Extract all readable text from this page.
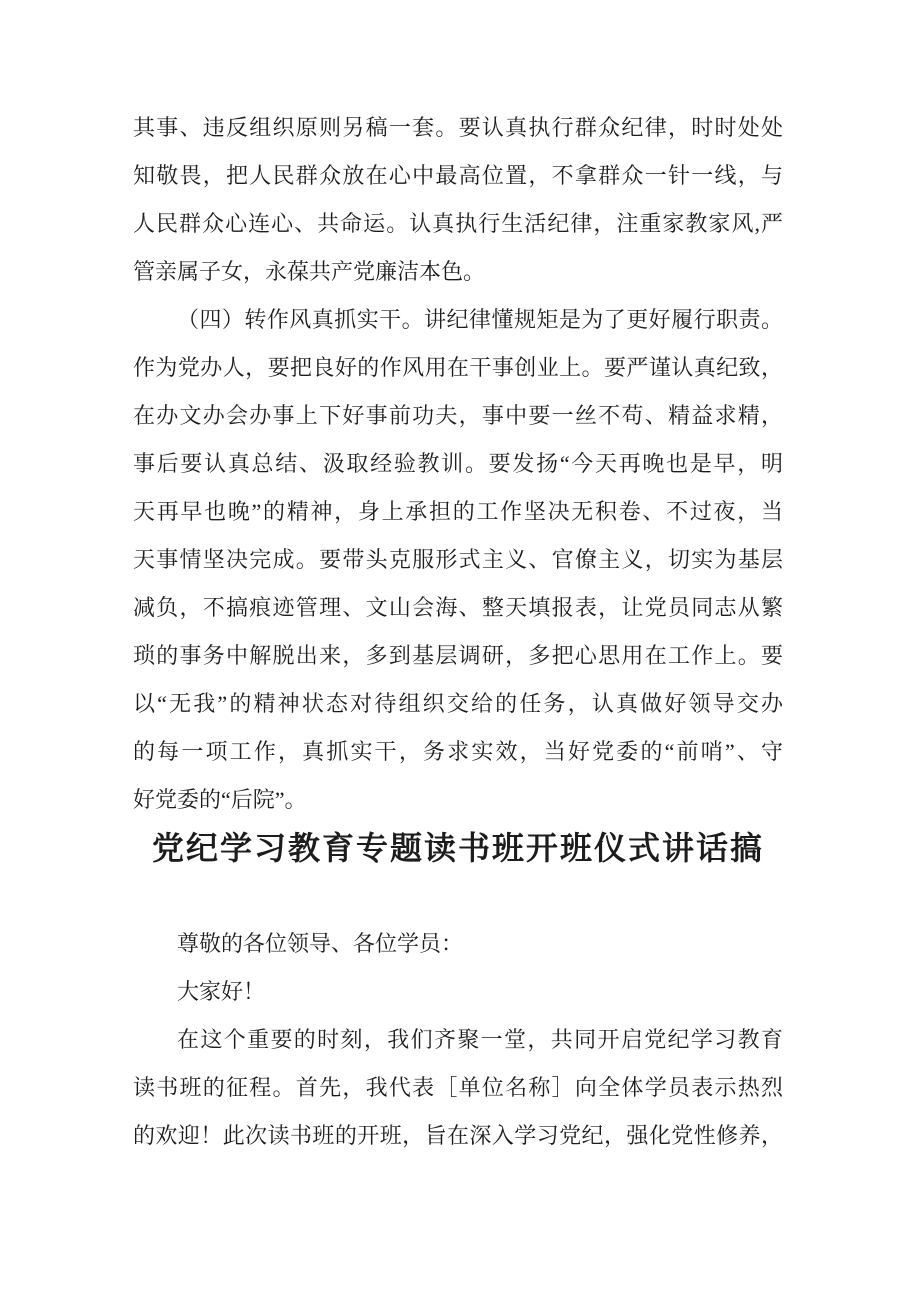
其事、违反组织原则另稿一套。要认真执行群众纪律，时时处处
知敬畏，把人民群众放在心中最高位置，不拿群众一针一线，与
人民群众心连心、共命运。认真执行生活纪律，注重家教家风,严
管亲属子女，永葆共产党廉洁本色。
（四）转作风真抓实干。讲纪律懂规矩是为了更好履行职责。
作为党办人，要把良好的作风用在干事创业上。要严谨认真纪致，
在办文办会办事上下好事前功夫，事中要一丝不苟、精益求精，
事后要认真总结、汲取经验教训。要发扬“今天再晚也是早，明
天再早也晚”的精神，身上承担的工作坚决无积卷、不过夜，当
天事情坚决完成。要带头克服形式主义、官僚主义，切实为基层
减负，不搞痕迹管理、文山会海、整天填报表，让党员同志从繁
琐的事务中解脱出来，多到基层调研，多把心思用在工作上。要
以“无我”的精神状态对待组织交给的任务，认真做好领导交办
的每一项工作，真抓实干，务求实效，当好党委的“前哨”、守
好党委的“后院”。
党纪学习教育专题读书班开班仪式讲话搞
尊敬的各位领导、各位学员：
大家好！
在这个重要的时刻，我们齐聚一堂，共同开启党纪学习教育
读书班的征程。首先，我代表［单位名称］向全体学员表示热烈
的欢迎！此次读书班的开班，旨在深入学习党纪，强化党性修养，
